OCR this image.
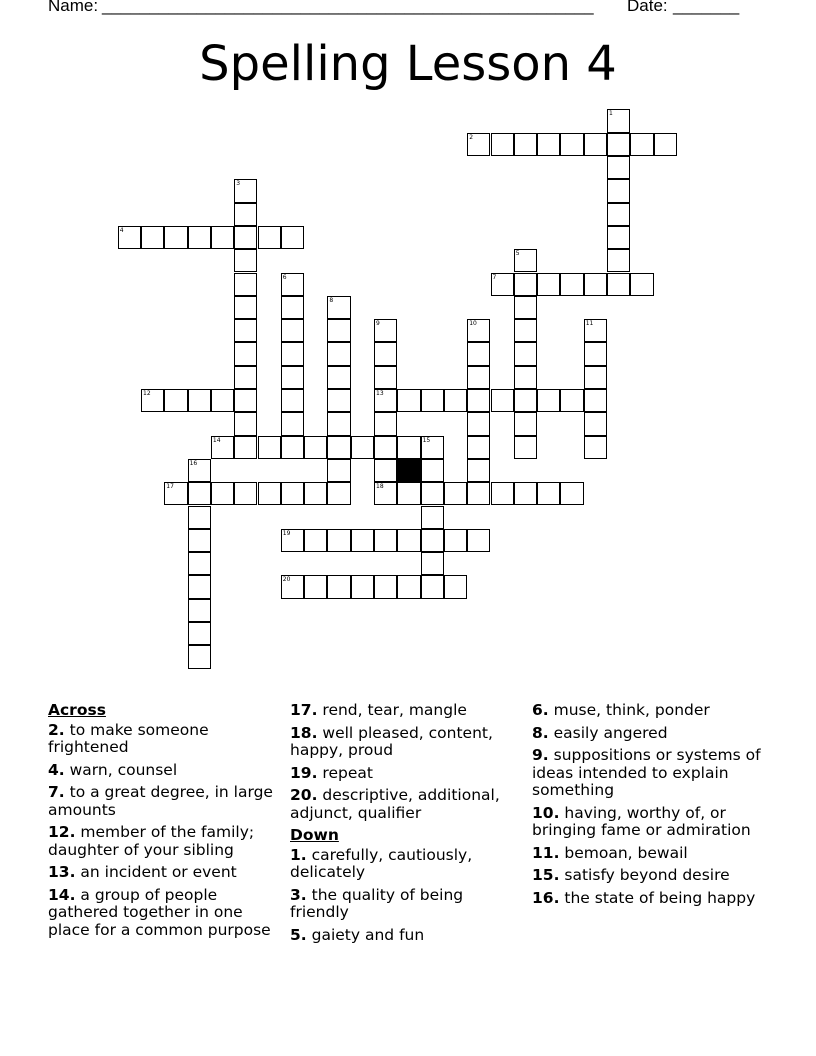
Name:

____________________________________________________

Date:

_______

Spelling Lesson 4
1
2
3
4
5
6	7
8
9
13
18
10	11
12
14	15
16
17
19
20
Across
2. to make someone frightened
4. warn, counsel
7. to a great degree, in large amounts
12. member of the family; daughter of your sibling
13. an incident or event
14. a group of people gathered together in one place for a common purpose
17. rend, tear, mangle
18. well pleased, content, happy, proud
19. repeat
20. descriptive, additional, adjunct, qualifier
Down
1. carefully, cautiously, delicately
3. the quality of being friendly
5. gaiety and fun
6. muse, think, ponder
8. easily angered
9. suppositions or systems of ideas intended to explain something
10. having, worthy of, or bringing fame or admiration
11. bemoan, bewail
15. satisfy beyond desire
16. the state of being happy
